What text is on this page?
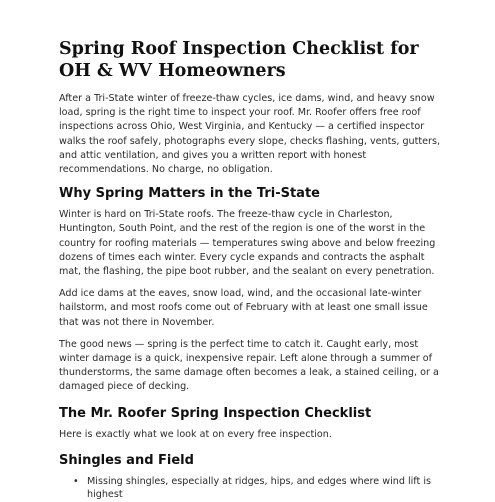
Spring Roof Inspection Checklist for OH & WV Homeowners

After a Tri-State winter of freeze-thaw cycles, ice dams, wind, and heavy snow load, spring is the right time to inspect your roof. Mr. Roofer offers free roof inspections across Ohio, West Virginia, and Kentucky — a certified inspector walks the roof safely, photographs every slope, checks flashing, vents, gutters, and attic ventilation, and gives you a written report with honest recommendations. No charge, no obligation.

Why Spring Matters in the Tri-State

Winter is hard on Tri-State roofs. The freeze-thaw cycle in Charleston, Huntington, South Point, and the rest of the region is one of the worst in the country for roofing materials — temperatures swing above and below freezing dozens of times each winter. Every cycle expands and contracts the asphalt mat, the flashing, the pipe boot rubber, and the sealant on every penetration.

Add ice dams at the eaves, snow load, wind, and the occasional late-winter hailstorm, and most roofs come out of February with at least one small issue that was not there in November.

The good news — spring is the perfect time to catch it. Caught early, most winter damage is a quick, inexpensive repair. Left alone through a summer of thunderstorms, the same damage often becomes a leak, a stained ceiling, or a damaged piece of decking.

The Mr. Roofer Spring Inspection Checklist

Here is exactly what we look at on every free inspection.

Shingles and Field
• Missing shingles, especially at ridges, hips, and edges where wind lift is highest
